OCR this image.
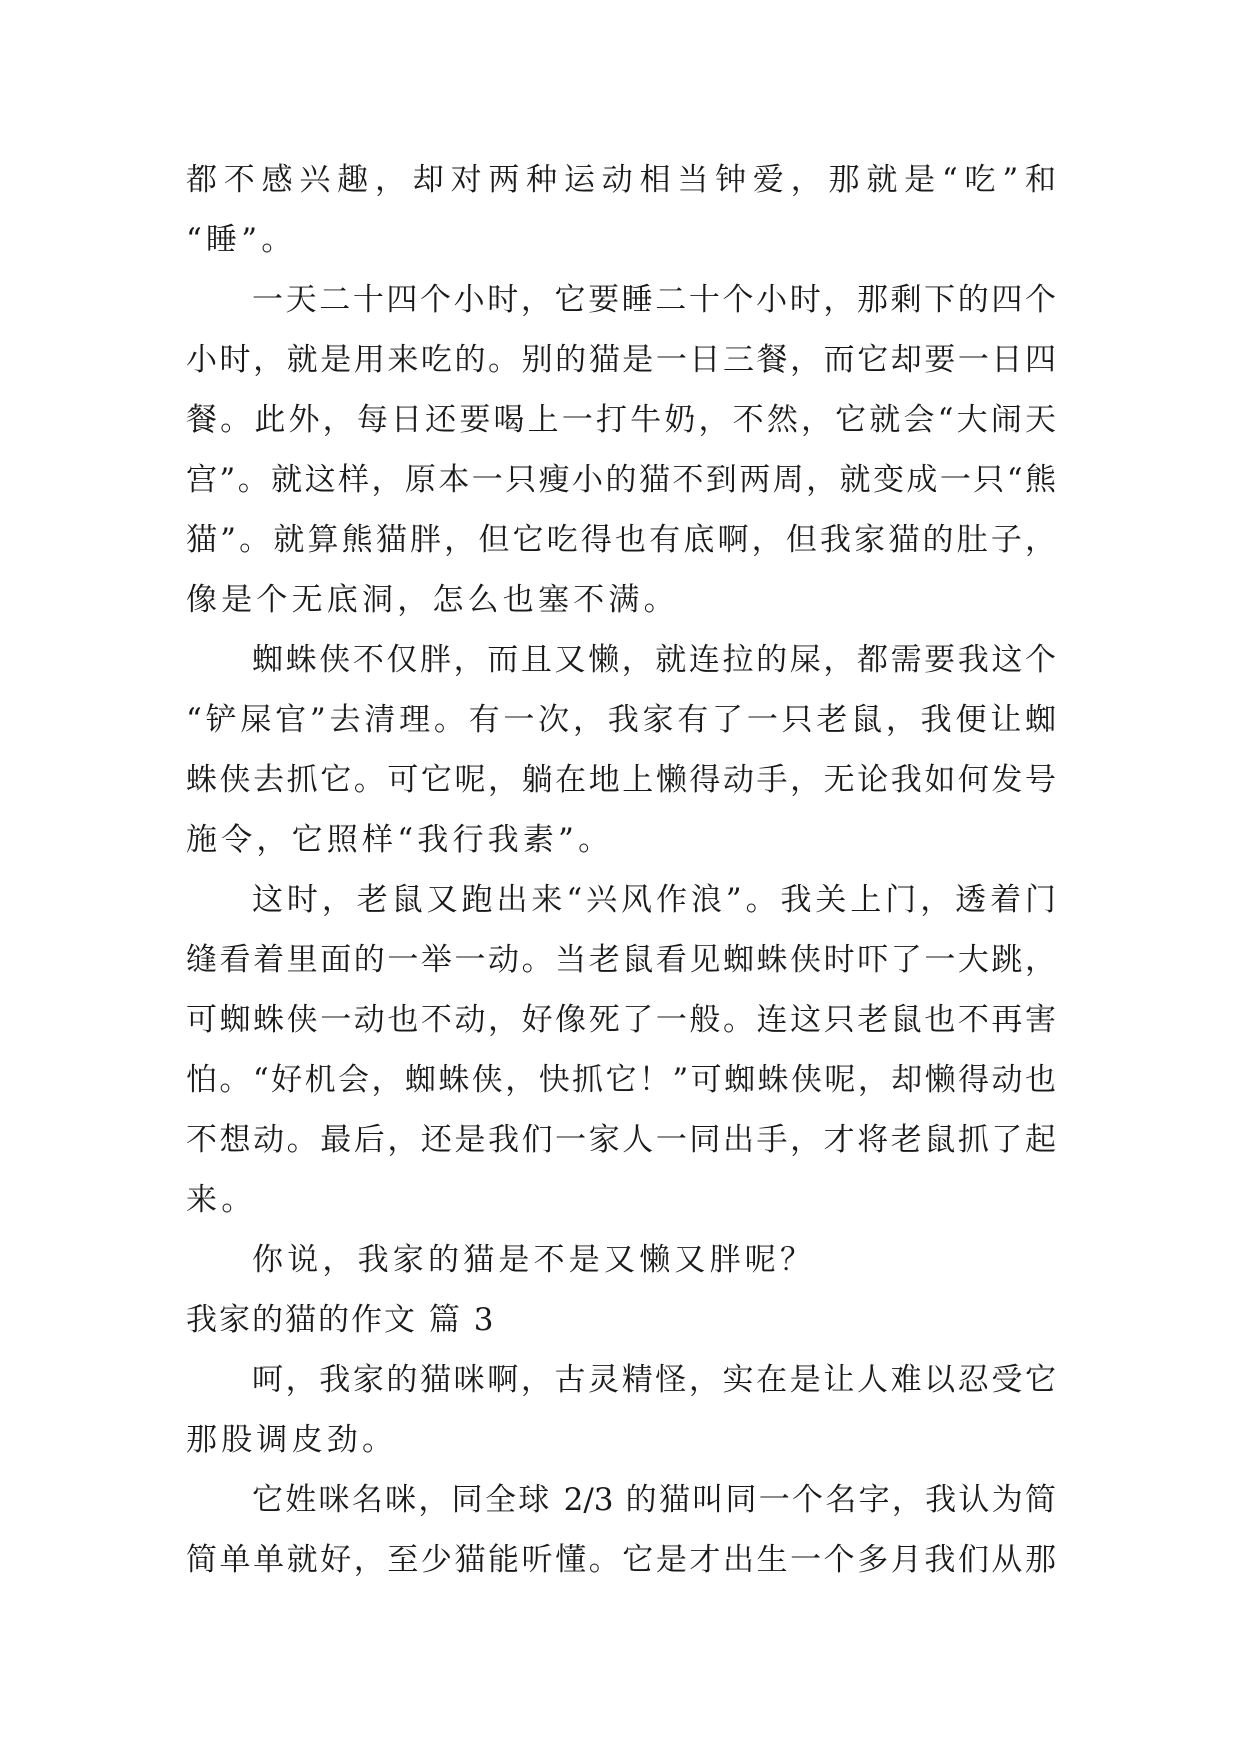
都不感兴趣，却对两种运动相当钟爱，那就是“吃”和
“睡”。
一天二十四个小时，它要睡二十个小时，那剩下的四个
小时，就是用来吃的。别的猫是一日三餐，而它却要一日四
餐。此外，每日还要喝上一打牛奶，不然，它就会“大闹天
宫”。就这样，原本一只瘦小的猫不到两周，就变成一只“熊
猫”。就算熊猫胖，但它吃得也有底啊，但我家猫的肚子，
像是个无底洞，怎么也塞不满。
蜘蛛侠不仅胖，而且又懒，就连拉的屎，都需要我这个
“铲屎官”去清理。有一次，我家有了一只老鼠，我便让蜘
蛛侠去抓它。可它呢，躺在地上懒得动手，无论我如何发号
施令，它照样“我行我素”。
这时，老鼠又跑出来“兴风作浪”。我关上门，透着门
缝看着里面的一举一动。当老鼠看见蜘蛛侠时吓了一大跳，
可蜘蛛侠一动也不动，好像死了一般。连这只老鼠也不再害
怕。“好机会，蜘蛛侠，快抓它！”可蜘蛛侠呢，却懒得动也
不想动。最后，还是我们一家人一同出手，才将老鼠抓了起
来。
你说，我家的猫是不是又懒又胖呢？
我家的猫的作文 篇 3
呵，我家的猫咪啊，古灵精怪，实在是让人难以忍受它
那股调皮劲。
它姓咪名咪，同全球 2/3 的猫叫同一个名字，我认为简
简单单就好，至少猫能听懂。它是才出生一个多月我们从那
